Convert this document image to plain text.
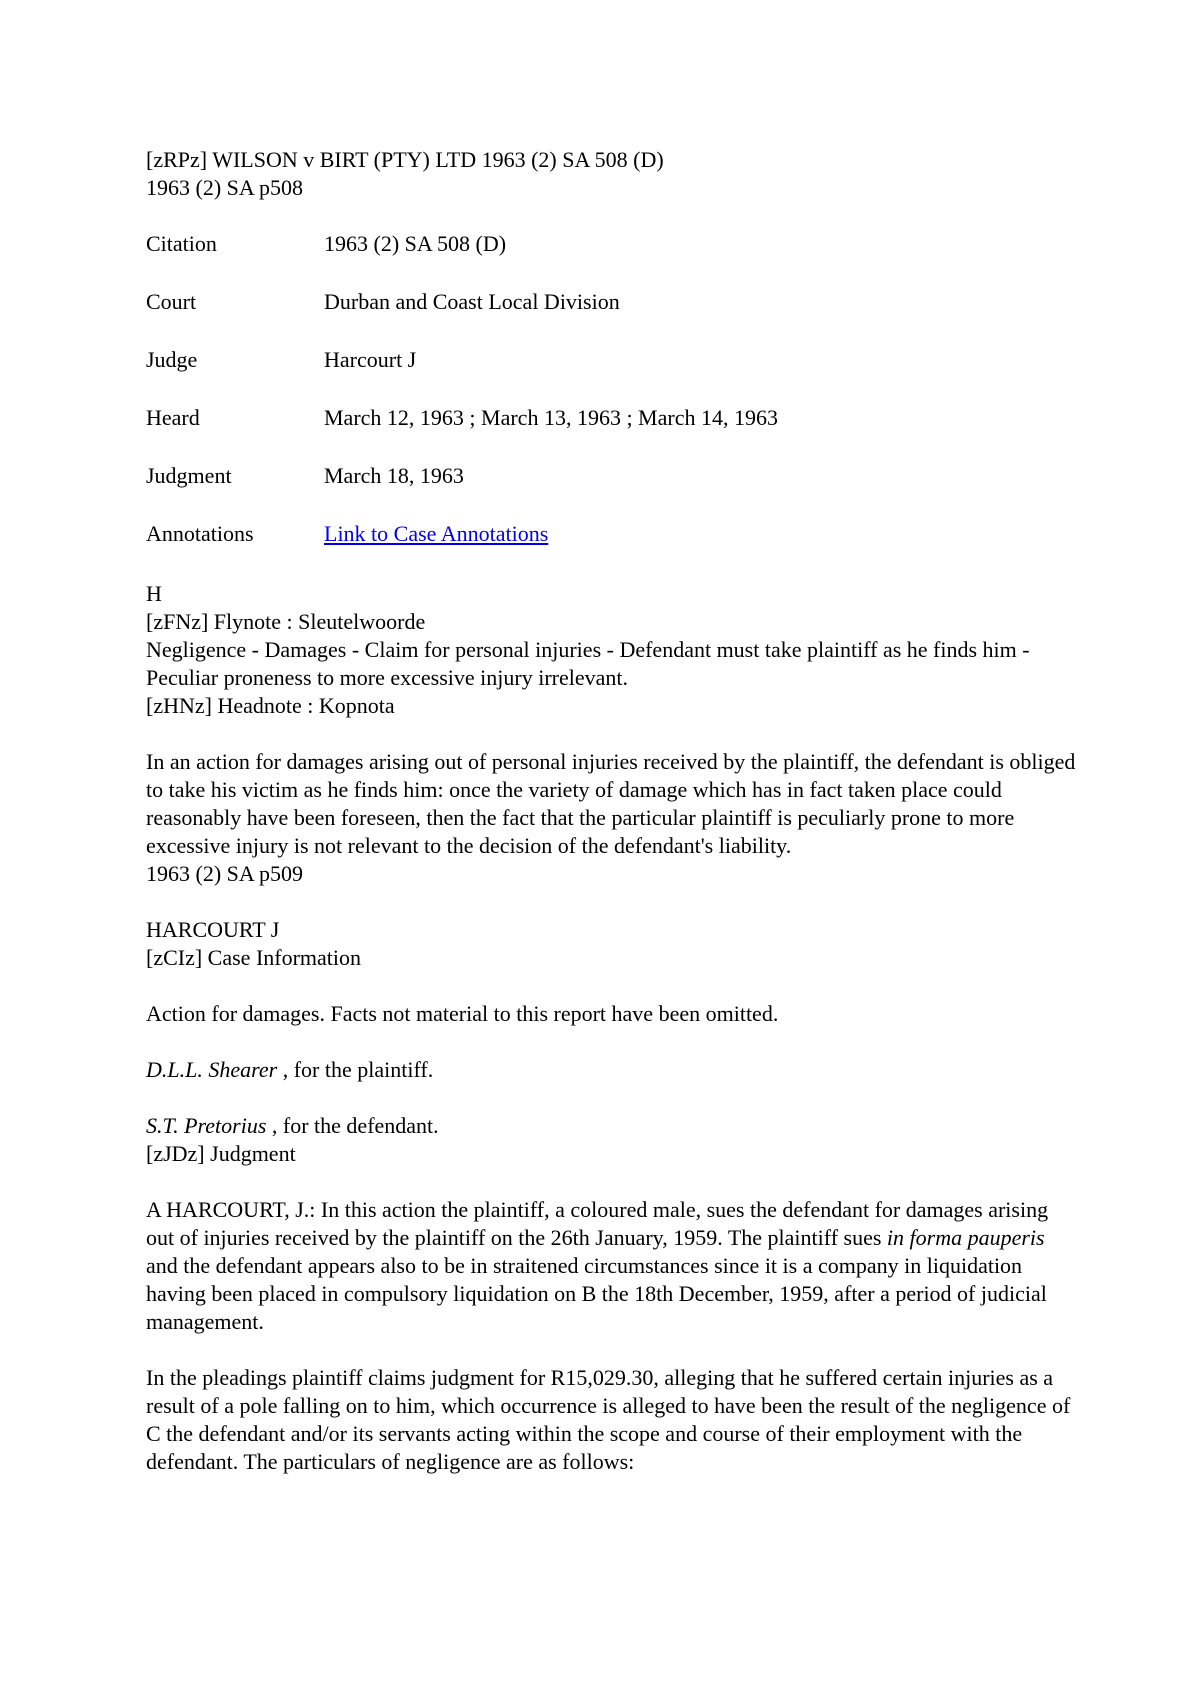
[zRPz] WILSON v BIRT (PTY) LTD 1963 (2) SA 508 (D)

1963 (2) SA p508

Citation	1963 (2) SA 508 (D)
Court	Durban and Coast Local Division
Judge	Harcourt J
Heard	March 12, 1963 ; March 13, 1963 ; March 14, 1963
Judgment	March 18, 1963
Annotations	Link to Case Annotations

H

[zFNz] Flynote : Sleutelwoorde

Negligence - Damages - Claim for personal injuries - Defendant must take plaintiff as he finds him - Peculiar proneness to more excessive injury irrelevant.

[zHNz] Headnote : Kopnota

In an action for damages arising out of personal injuries received by the plaintiff, the defendant is obliged to take his victim as he finds him: once the variety of damage which has in fact taken place could reasonably have been foreseen, then the fact that the particular plaintiff is peculiarly prone to more excessive injury is not relevant to the decision of the defendant's liability.

1963 (2) SA p509

HARCOURT J

[zCIz] Case Information

Action for damages. Facts not material to this report have been omitted.

D.L.L. Shearer , for the plaintiff.

S.T. Pretorius , for the defendant.

[zJDz] Judgment

A HARCOURT, J.: In this action the plaintiff, a coloured male, sues the defendant for damages arising out of injuries received by the plaintiff on the 26th January, 1959. The plaintiff sues in forma pauperis and the defendant appears also to be in straitened circumstances since it is a company in liquidation having been placed in compulsory liquidation on B the 18th December, 1959, after a period of judicial management.

In the pleadings plaintiff claims judgment for R15,029.30, alleging that he suffered certain injuries as a result of a pole falling on to him, which occurrence is alleged to have been the result of the negligence of C the defendant and/or its servants acting within the scope and course of their employment with the defendant. The particulars of negligence are as follows:
